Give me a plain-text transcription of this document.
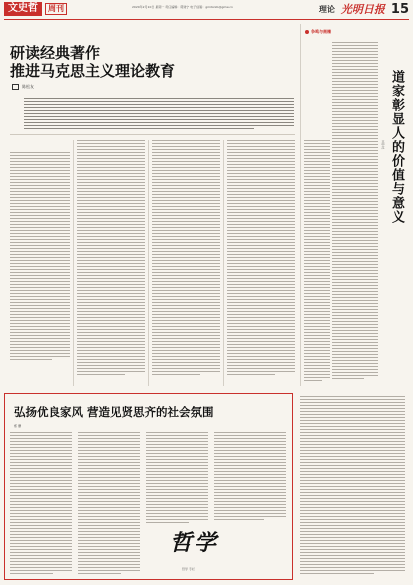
文史哲	周刊	2020年2月10日 星期一 责任编辑：郭建宁 电子信箱：gmrbzxb@gmw.cn	理论 光明日报 15

研读经典著作

推进马克思主义理论教育

陈松友
争鸣与商権
道家彰显人的价值与意义
王中江
弘扬优良家风 营造见贤思齐的社会氛围
郑 珊
哲学
哲学 专栏
